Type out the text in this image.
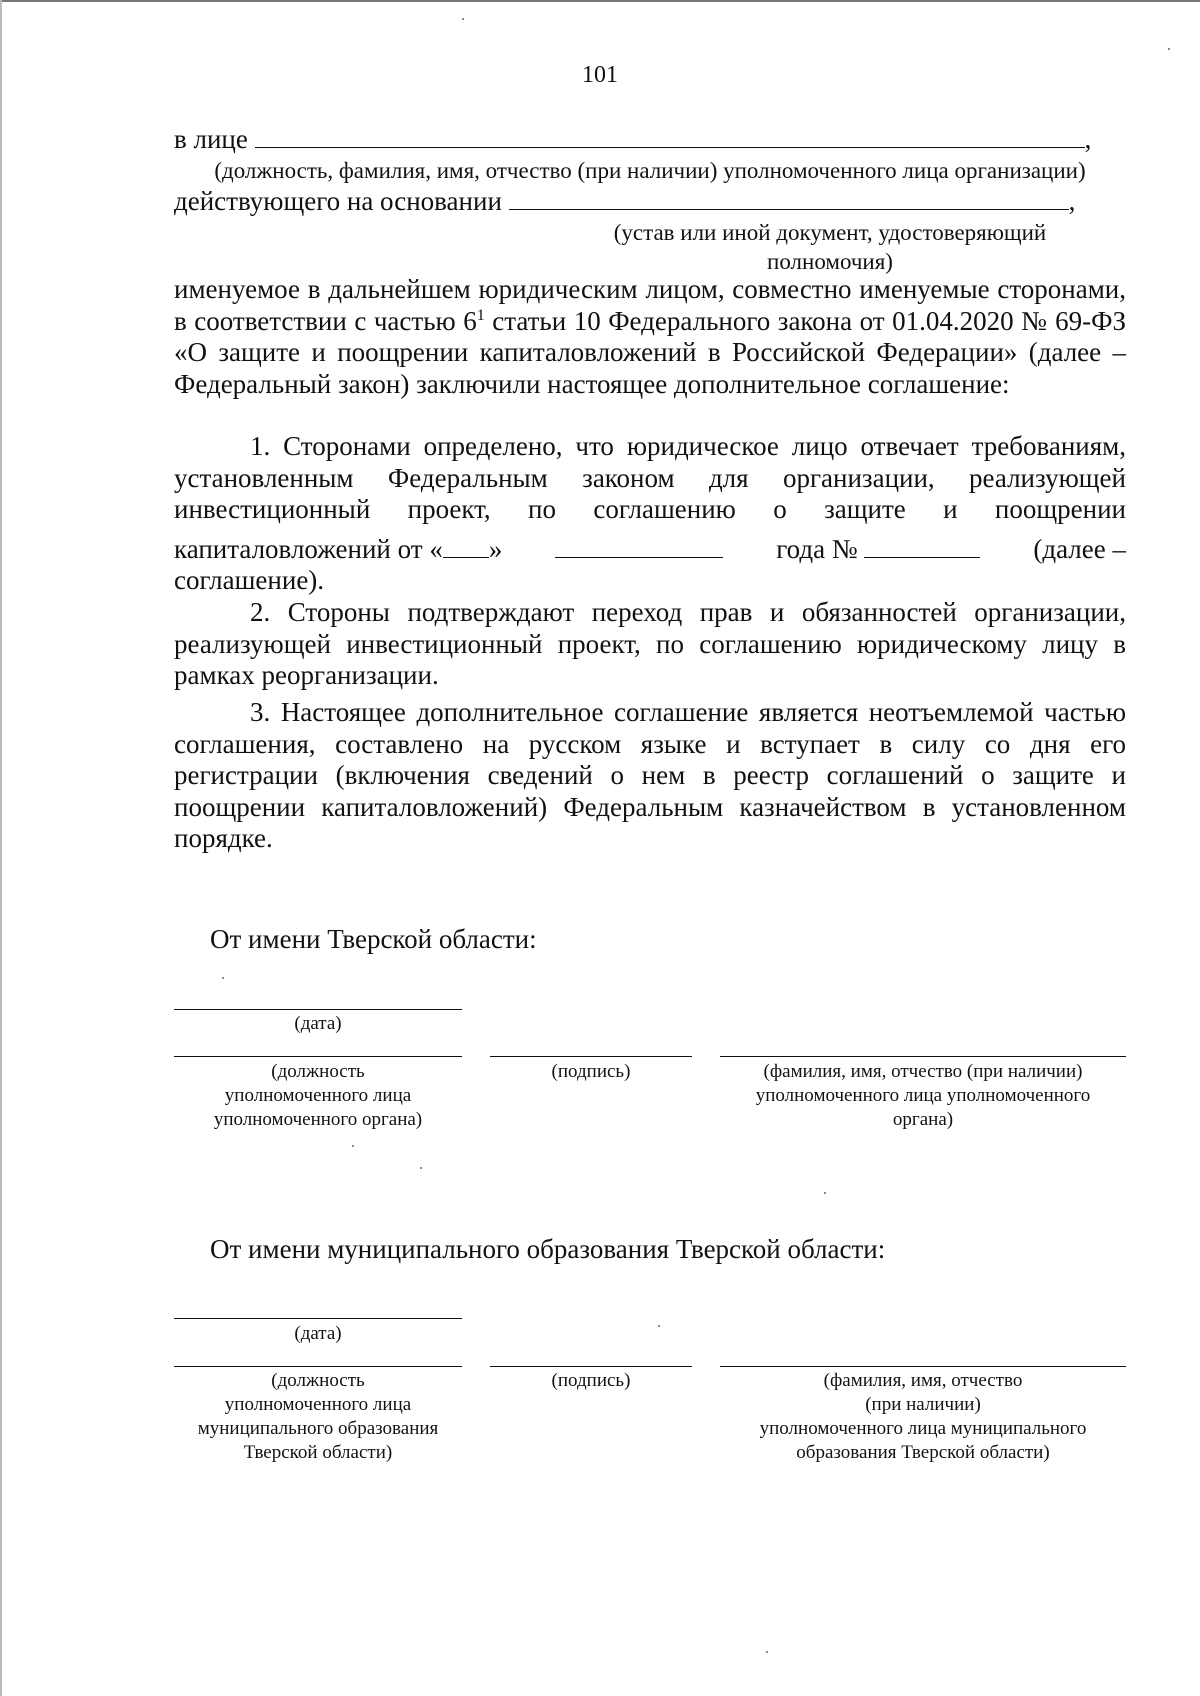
101
в лице	,
(должность, фамилия, имя, отчество (при наличии) уполномоченного лица организации)
действующего на основании	,
(устав или иной документ, удостоверяющий
полномочия)
именуемое в дальнейшем юридическим лицом, совместно именуемые сторонами, в соответствии с частью $6^1$ статьи 10 Федерального закона от 01.04.2020 № 69-ФЗ «О защите и поощрении капиталовложений в Российской Федерации» (далее – Федеральный закон) заключили настоящее дополнительное соглашение:
1. Сторонами определено, что юридическое лицо отвечает требованиям, установленным Федеральным законом для организации, реализующей инвестиционный проект, по соглашению о защите и поощрении
капиталовложений от « »	года №	(далее –
соглашение).
2. Стороны подтверждают переход прав и обязанностей организации, реализующей инвестиционный проект, по соглашению юридическому лицу в рамках реорганизации.
3. Настоящее дополнительное соглашение является неотъемлемой частью соглашения, составлено на русском языке и вступает в силу со дня его регистрации (включения сведений о нем в реестр соглашений о защите и поощрении капиталовложений) Федеральным казначейством в установленном порядке.
От имени Тверской области:
(дата)
(должность
уполномоченного лица
уполномоченного органа)
(подпись)	(фамилия, имя, отчество (при наличии)
уполномоченного лица уполномоченного
органа)
От имени муниципального образования Тверской области:
(дата)
(должность
уполномоченного лица
муниципального образования
Тверской области)
(подпись)	(фамилия, имя, отчество
(при наличии)
уполномоченного лица муниципального
образования Тверской области)
